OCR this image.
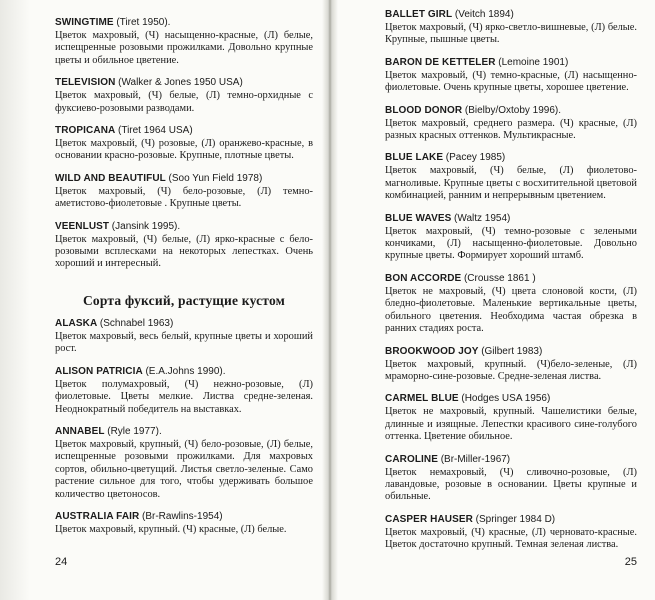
SWINGTIME (Tiret 1950).
Цветок махровый, (Ч) насыщенно-красные, (Л) белые, испещренные розовыми прожилками. Довольно крупные цветы и обильное цветение.
TELEVISION (Walker & Jones 1950 USA)
Цветок махровый, (Ч) белые, (Л) темно-орхидные с фуксиево-розовыми разводами.
TROPICANA (Tiret 1964 USA)
Цветок махровый, (Ч) розовые, (Л) оранжево-красные, в основании красно-розовые. Крупные, плотные цветы.
WILD AND BEAUTIFUL (Soo Yun Field 1978)
Цветок махровый, (Ч) бело-розовые, (Л) темно-аметистово-фиолетовые . Крупные цветы.
VEENLUST (Jansink 1995).
Цветок махровый, (Ч) белые, (Л) ярко-красные с бело-розовыми всплесками на некоторых лепестках. Очень хороший и интересный.
Сорта фуксий, растущие кустом
ALASKA (Schnabel 1963)
Цветок махровый, весь белый, крупные цветы и хороший рост.
ALISON PATRICIA (E.A.Johns 1990).
Цветок полумахровый, (Ч) нежно-розовые, (Л) фиолетовые. Цветы мелкие. Листва средне-зеленая. Неоднократный победитель на выставках.
ANNABEL (Ryle 1977).
Цветок махровый, крупный, (Ч) бело-розовые, (Л) белые, испещренные розовыми прожилками. Для махровых сортов, обильно-цветущий. Листья светло-зеленые. Само растение сильное для того, чтобы удерживать большое количество цветоносов.
AUSTRALIA FAIR (Br-Rawlins-1954)
Цветок махровый, крупный. (Ч) красные, (Л) белые.
24
BALLET GIRL (Veitch 1894)
Цветок махровый, (Ч) ярко-светло-вишневые, (Л) белые. Крупные, пышные цветы.
BARON DE KETTELER (Lemoine 1901)
Цветок махровый, (Ч) темно-красные, (Л) насыщенно-фиолетовые. Очень крупные цветы, хорошее цветение.
BLOOD DONOR (Bielby/Oxtoby 1996).
Цветок махровый, среднего размера. (Ч) красные, (Л) разных красных оттенков. Мультикрасные.
BLUE LAKE (Pacey 1985)
Цветок махровый, (Ч) белые, (Л) фиолетово-магноливые. Крупные цветы с восхитительной цветовой комбинацией, ранним и непрерывным цветением.
BLUE WAVES (Waltz 1954)
Цветок махровый, (Ч) темно-розовые с зелеными кончиками, (Л) насыщенно-фиолетовые. Довольно крупные цветы. Формирует хороший штамб.
BON ACCORDE (Crousse 1861 )
Цветок не махровый, (Ч) цвета слоновой кости, (Л) бледно-фиолетовые. Маленькие вертикальные цветы, обильного цветения. Необходима частая обрезка в ранних стадиях роста.
BROOKWOOD JOY (Gilbert 1983)
Цветок махровый, крупный. (Ч)бело-зеленые, (Л) мраморно-сине-розовые. Средне-зеленая листва.
CARMEL BLUE (Hodges USA 1956)
Цветок не махровый, крупный. Чашелистики белые, длинные и изящные. Лепестки красивого сине-голубого оттенка. Цветение обильное.
CAROLINE (Br-Miller-1967)
Цветок немахровый, (Ч) сливочно-розовые, (Л) лавандовые, розовые в основании. Цветы крупные и обильные.
CASPER HAUSER (Springer 1984 D)
Цветок махровый, (Ч) красные, (Л) черновато-красные. Цветок достаточно крупный. Темная зеленая листва.
25
